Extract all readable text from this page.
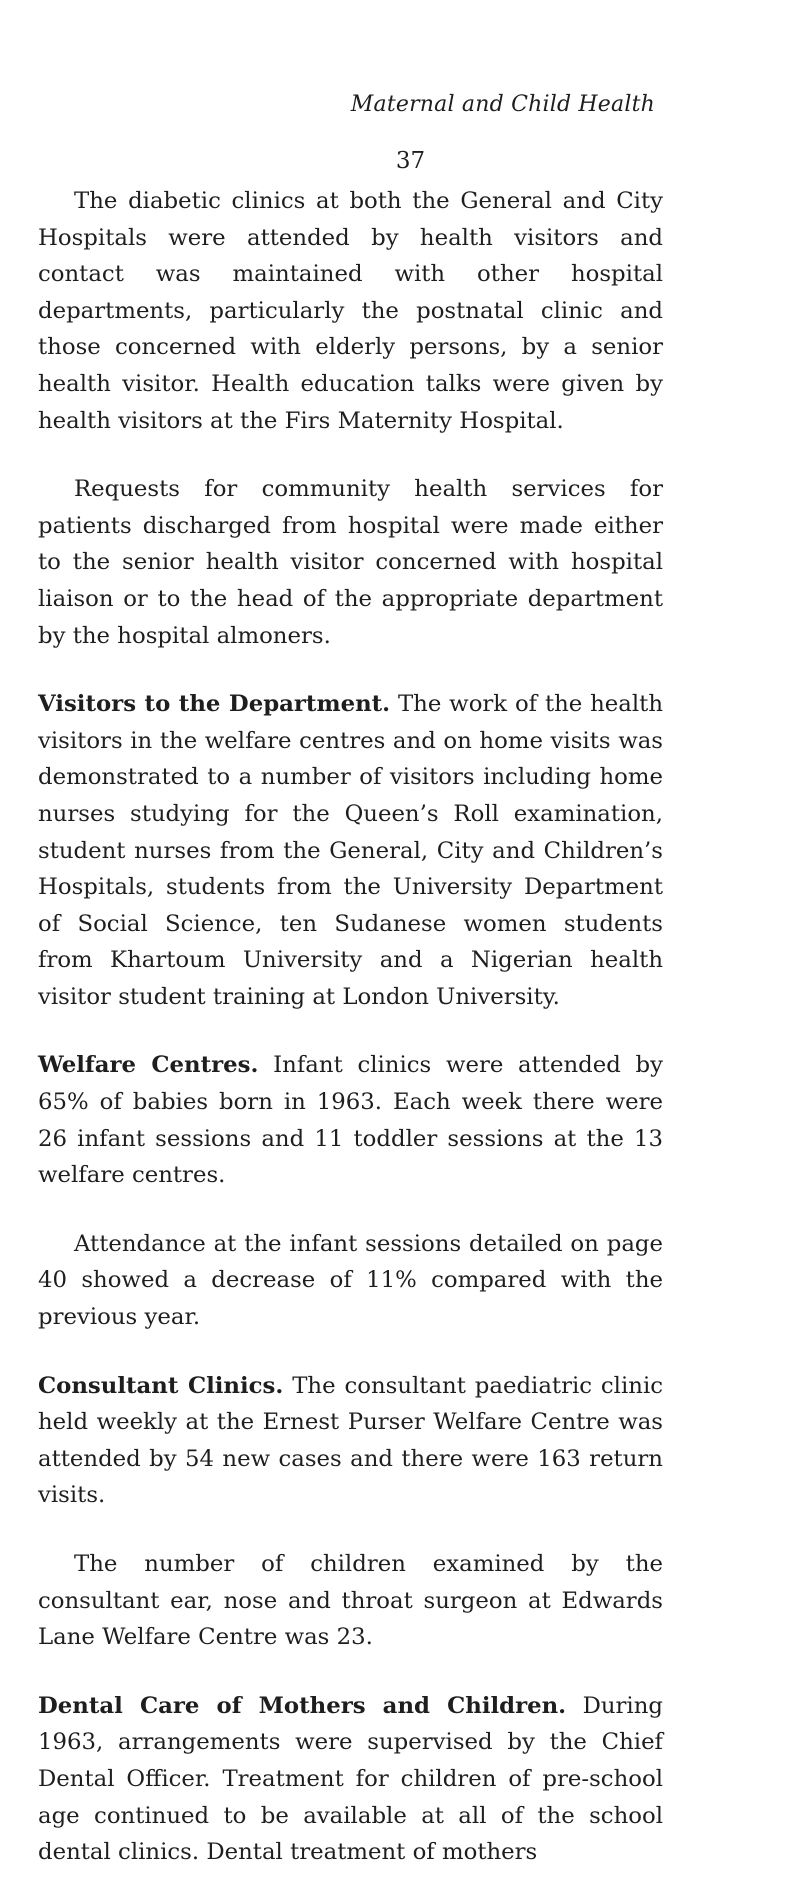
Maternal and Child Health
37

The diabetic clinics at both the General and City Hospitals were attended by health visitors and contact was maintained with other hospital departments, particularly the postnatal clinic and those concerned with elderly persons, by a senior health visitor. Health education talks were given by health visitors at the Firs Maternity Hospital.

Requests for community health services for patients discharged from hospital were made either to the senior health visitor concerned with hospital liaison or to the head of the appropriate department by the hospital almoners.

Visitors to the Department. The work of the health visitors in the welfare centres and on home visits was demonstrated to a number of visitors including home nurses studying for the Queen’s Roll examination, student nurses from the General, City and Children’s Hospitals, students from the University Department of Social Science, ten Sudanese women students from Khartoum University and a Nigerian health visitor student training at London University.

Welfare Centres. Infant clinics were attended by 65% of babies born in 1963. Each week there were 26 infant sessions and 11 toddler sessions at the 13 welfare centres.

Attendance at the infant sessions detailed on page 40 showed a decrease of 11% compared with the previous year.

Consultant Clinics. The consultant paediatric clinic held weekly at the Ernest Purser Welfare Centre was attended by 54 new cases and there were 163 return visits.

The number of children examined by the consultant ear, nose and throat surgeon at Edwards Lane Welfare Centre was 23.

Dental Care of Mothers and Children. During 1963, arrangements were supervised by the Chief Dental Officer. Treatment for children of pre-school age continued to be available at all of the school dental clinics. Dental treatment of mothers
